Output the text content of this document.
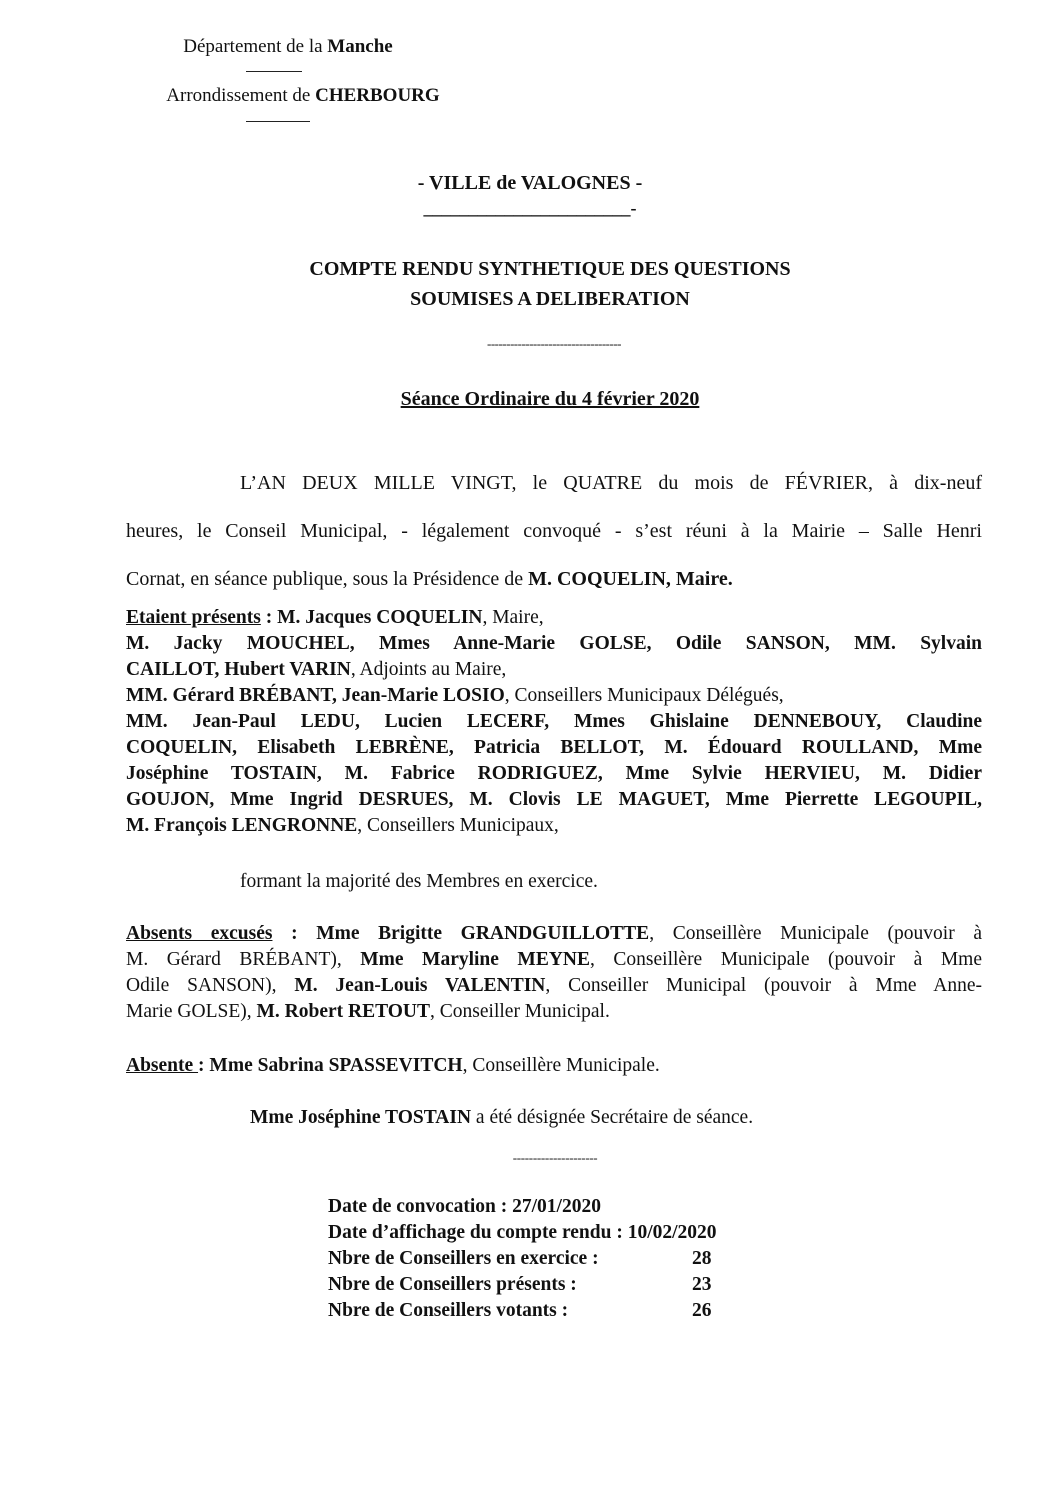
Département de la Manche
Arrondissement de CHERBOURG
- VILLE de VALOGNES -
_______________________-
COMPTE RENDU SYNTHETIQUE DES QUESTIONS
SOUMISES A DELIBERATION
-----------------------------------
Séance Ordinaire du 4 février 2020
L’AN DEUX MILLE VINGT, le QUATRE du mois de FÉVRIER, à dix-neuf
heures, le Conseil Municipal, - légalement convoqué - s’est réuni à la Mairie – Salle Henri
Cornat, en séance publique, sous la Présidence de M. COQUELIN, Maire.
Etaient présents : M. Jacques COQUELIN, Maire,
M. Jacky MOUCHEL, Mmes Anne-Marie GOLSE, Odile SANSON, MM. Sylvain
CAILLOT, Hubert VARIN, Adjoints au Maire,
MM. Gérard BRÉBANT, Jean-Marie LOSIO, Conseillers Municipaux Délégués,
MM. Jean-Paul LEDU, Lucien LECERF, Mmes Ghislaine DENNEBOUY, Claudine
COQUELIN, Elisabeth LEBRÈNE, Patricia BELLOT, M. Édouard ROULLAND, Mme
Joséphine TOSTAIN, M. Fabrice RODRIGUEZ, Mme Sylvie HERVIEU, M. Didier
GOUJON, Mme Ingrid DESRUES, M. Clovis LE MAGUET, Mme Pierrette LEGOUPIL,
M. François LENGRONNE, Conseillers Municipaux,
formant la majorité des Membres en exercice.
Absents excusés : Mme Brigitte GRANDGUILLOTTE, Conseillère Municipale (pouvoir à
M. Gérard BRÉBANT), Mme Maryline MEYNE, Conseillère Municipale (pouvoir à Mme
Odile SANSON), M. Jean-Louis VALENTIN, Conseiller Municipal (pouvoir à Mme Anne-
Marie GOLSE), M. Robert RETOUT, Conseiller Municipal.
Absente : Mme Sabrina SPASSEVITCH, Conseillère Municipale.
Mme Joséphine TOSTAIN a été désignée Secrétaire de séance.
---------------------
Date de convocation : 27/01/2020
Date d’affichage du compte rendu : 10/02/2020
Nbre de Conseillers en exercice :	28
Nbre de Conseillers présents :	23
Nbre de Conseillers votants :	26
